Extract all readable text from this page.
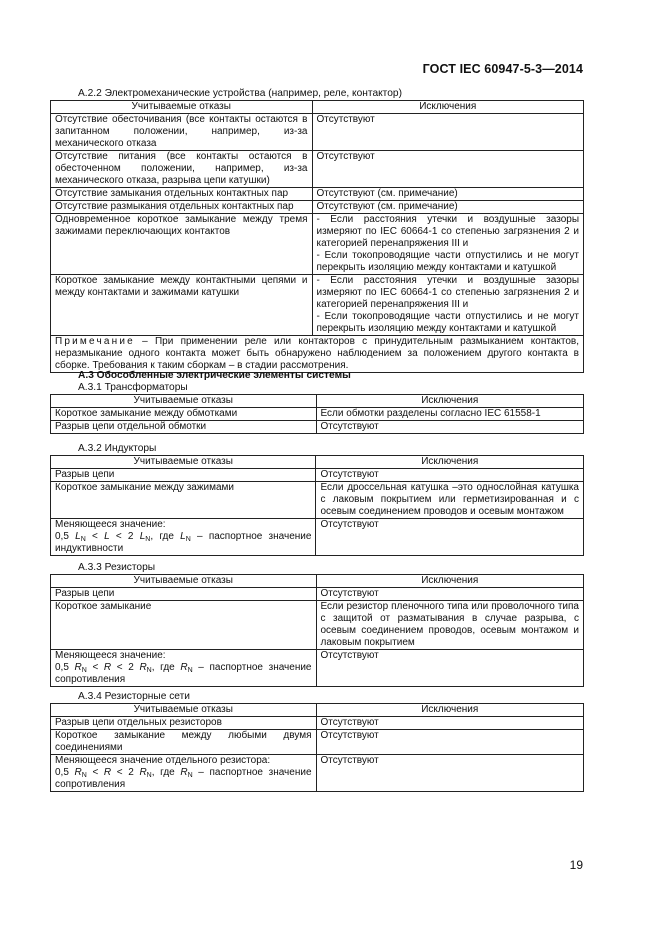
ГОСТ IEC 60947-5-3—2014
А.2.2 Электромеханические устройства (например, реле, контактор)
Учитываемые отказы	Исключения
Отсутствие обесточивания (все контакты остаются в запитанном положении, например, из-за механического отказа	Отсутствуют
Отсутствие питания (все контакты остаются в обесточенном положении, например, из-за механического отказа, разрыва цепи катушки)	Отсутствуют
Отсутствие замыкания отдельных контактных пар	Отсутствуют (см. примечание)
Отсутствие размыкания отдельных контактных пар	Отсутствуют (см. примечание)
Одновременное короткое замыкание между тремя зажимами переключающих контактов	- Если расстояния утечки и воздушные зазоры измеряют по IEC 60664-1 со степенью загрязнения 2 и категорией перенапряжения III и
- Если токопроводящие части отпустились и не могут перекрыть изоляцию между контактами и катушкой

Короткое замыкание между контактными цепями и между контактами и зажимами катушки	- Если расстояния утечки и воздушные зазоры измеряют по IEC 60664-1 со степенью загрязнения 2 и категорией перенапряжения III и
- Если токопроводящие части отпустились и не могут перекрыть изоляцию между контактами и катушкой

Примечание – При применении реле или контакторов с принудительным размыканием контактов, неразмыкание одного контакта может быть обнаружено наблюдением за положением другого контакта в сборке. Требования к таким сборкам – в стадии рассмотрения.	
А.3 Обособленные электрические элементы системы
А.3.1 Трансформаторы
Учитываемые отказы	Исключения
Короткое замыкание между обмотками	Если обмотки разделены согласно IEC 61558-1
Разрыв цепи отдельной обмотки	Отсутствуют
А.3.2 Индукторы
Учитываемые отказы	Исключения
Разрыв цепи	Отсутствуют
Короткое замыкание между зажимами	Если дроссельная катушка –это однослойная катушка с лаковым покрытием или герметизированная и с осевым соединением проводов и осевым монтажом

Меняющееся значение:
0,5 $L_N < L < 2$ $L_N$, где $L_N$ – паспортное значение индуктивности	Отсутствуют
А.3.3 Резисторы
Учитываемые отказы	Исключения
Разрыв цепи	Отсутствуют
Короткое замыкание	Если резистор пленочного типа или проволочного типа с защитой от разматывания в случае разрыва, с осевым соединением проводов, осевым монтажом и лаковым покрытием

Меняющееся значение:
0,5 $R_N < R < 2$ $R_N$, где $R_N$ – паспортное значение сопротивления	Отсутствуют
А.3.4 Резисторные сети
Учитываемые отказы	Исключения
Разрыв цепи отдельных резисторов	Отсутствуют
Короткое замыкание между любыми двумя соединениями	Отсутствуют

Меняющееся значение отдельного резистора:
0,5 $R_N < R < 2$ $R_N$, где $R_N$ – паспортное значение сопротивления	Отсутствуют
19
